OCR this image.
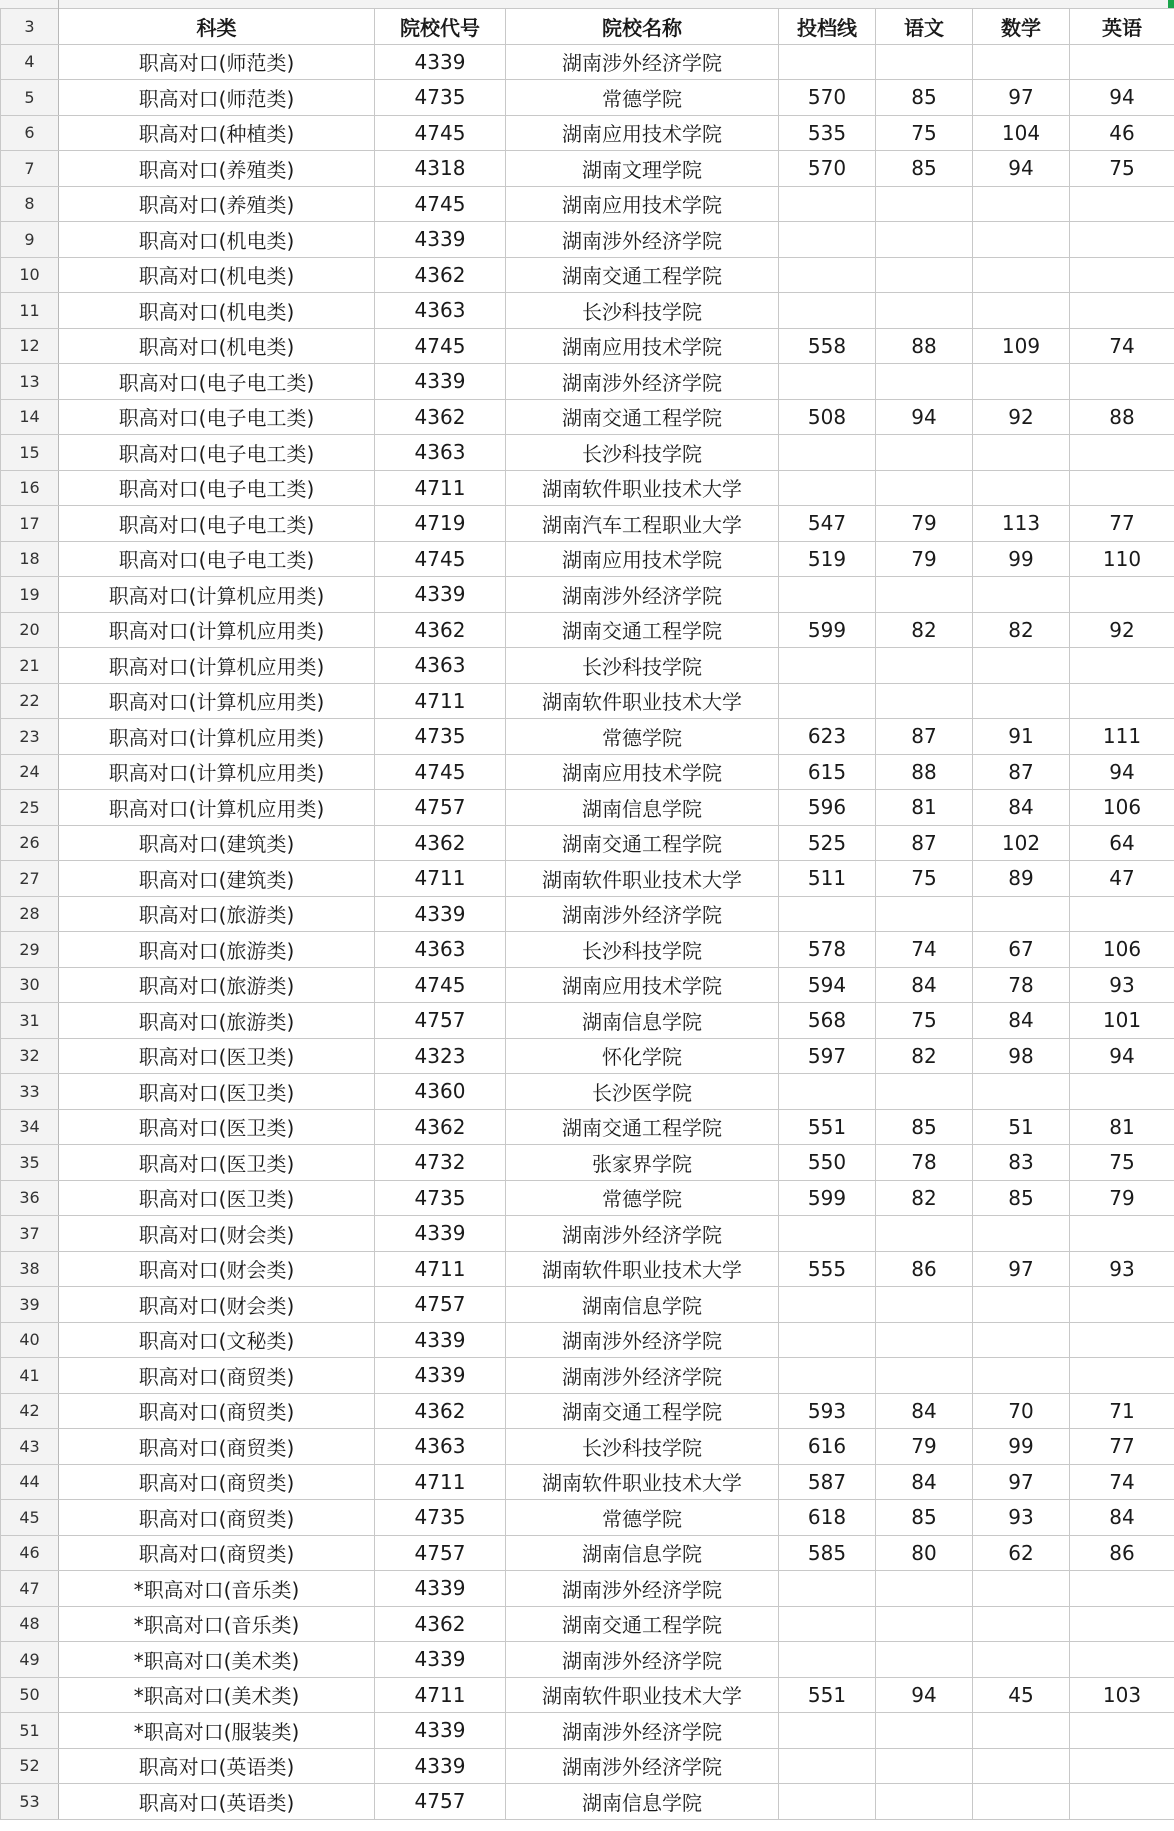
3	科类	院校代号	院校名称	投档线	语文	数学	英语
4	职高对口(师范类)	4339	湖南涉外经济学院				
5	职高对口(师范类)	4735	常德学院	570	85	97	94
6	职高对口(种植类)	4745	湖南应用技术学院	535	75	104	46
7	职高对口(养殖类)	4318	湖南文理学院	570	85	94	75
8	职高对口(养殖类)	4745	湖南应用技术学院				
9	职高对口(机电类)	4339	湖南涉外经济学院				
10	职高对口(机电类)	4362	湖南交通工程学院				
11	职高对口(机电类)	4363	长沙科技学院				
12	职高对口(机电类)	4745	湖南应用技术学院	558	88	109	74
13	职高对口(电子电工类)	4339	湖南涉外经济学院				
14	职高对口(电子电工类)	4362	湖南交通工程学院	508	94	92	88
15	职高对口(电子电工类)	4363	长沙科技学院				
16	职高对口(电子电工类)	4711	湖南软件职业技术大学				
17	职高对口(电子电工类)	4719	湖南汽车工程职业大学	547	79	113	77
18	职高对口(电子电工类)	4745	湖南应用技术学院	519	79	99	110
19	职高对口(计算机应用类)	4339	湖南涉外经济学院				
20	职高对口(计算机应用类)	4362	湖南交通工程学院	599	82	82	92
21	职高对口(计算机应用类)	4363	长沙科技学院				
22	职高对口(计算机应用类)	4711	湖南软件职业技术大学				
23	职高对口(计算机应用类)	4735	常德学院	623	87	91	111
24	职高对口(计算机应用类)	4745	湖南应用技术学院	615	88	87	94
25	职高对口(计算机应用类)	4757	湖南信息学院	596	81	84	106
26	职高对口(建筑类)	4362	湖南交通工程学院	525	87	102	64
27	职高对口(建筑类)	4711	湖南软件职业技术大学	511	75	89	47
28	职高对口(旅游类)	4339	湖南涉外经济学院				
29	职高对口(旅游类)	4363	长沙科技学院	578	74	67	106
30	职高对口(旅游类)	4745	湖南应用技术学院	594	84	78	93
31	职高对口(旅游类)	4757	湖南信息学院	568	75	84	101
32	职高对口(医卫类)	4323	怀化学院	597	82	98	94
33	职高对口(医卫类)	4360	长沙医学院				
34	职高对口(医卫类)	4362	湖南交通工程学院	551	85	51	81
35	职高对口(医卫类)	4732	张家界学院	550	78	83	75
36	职高对口(医卫类)	4735	常德学院	599	82	85	79
37	职高对口(财会类)	4339	湖南涉外经济学院				
38	职高对口(财会类)	4711	湖南软件职业技术大学	555	86	97	93
39	职高对口(财会类)	4757	湖南信息学院				
40	职高对口(文秘类)	4339	湖南涉外经济学院				
41	职高对口(商贸类)	4339	湖南涉外经济学院				
42	职高对口(商贸类)	4362	湖南交通工程学院	593	84	70	71
43	职高对口(商贸类)	4363	长沙科技学院	616	79	99	77
44	职高对口(商贸类)	4711	湖南软件职业技术大学	587	84	97	74
45	职高对口(商贸类)	4735	常德学院	618	85	93	84
46	职高对口(商贸类)	4757	湖南信息学院	585	80	62	86
47	*职高对口(音乐类)	4339	湖南涉外经济学院				
48	*职高对口(音乐类)	4362	湖南交通工程学院				
49	*职高对口(美术类)	4339	湖南涉外经济学院				
50	*职高对口(美术类)	4711	湖南软件职业技术大学	551	94	45	103
51	*职高对口(服装类)	4339	湖南涉外经济学院				
52	职高对口(英语类)	4339	湖南涉外经济学院				
53	职高对口(英语类)	4757	湖南信息学院				
